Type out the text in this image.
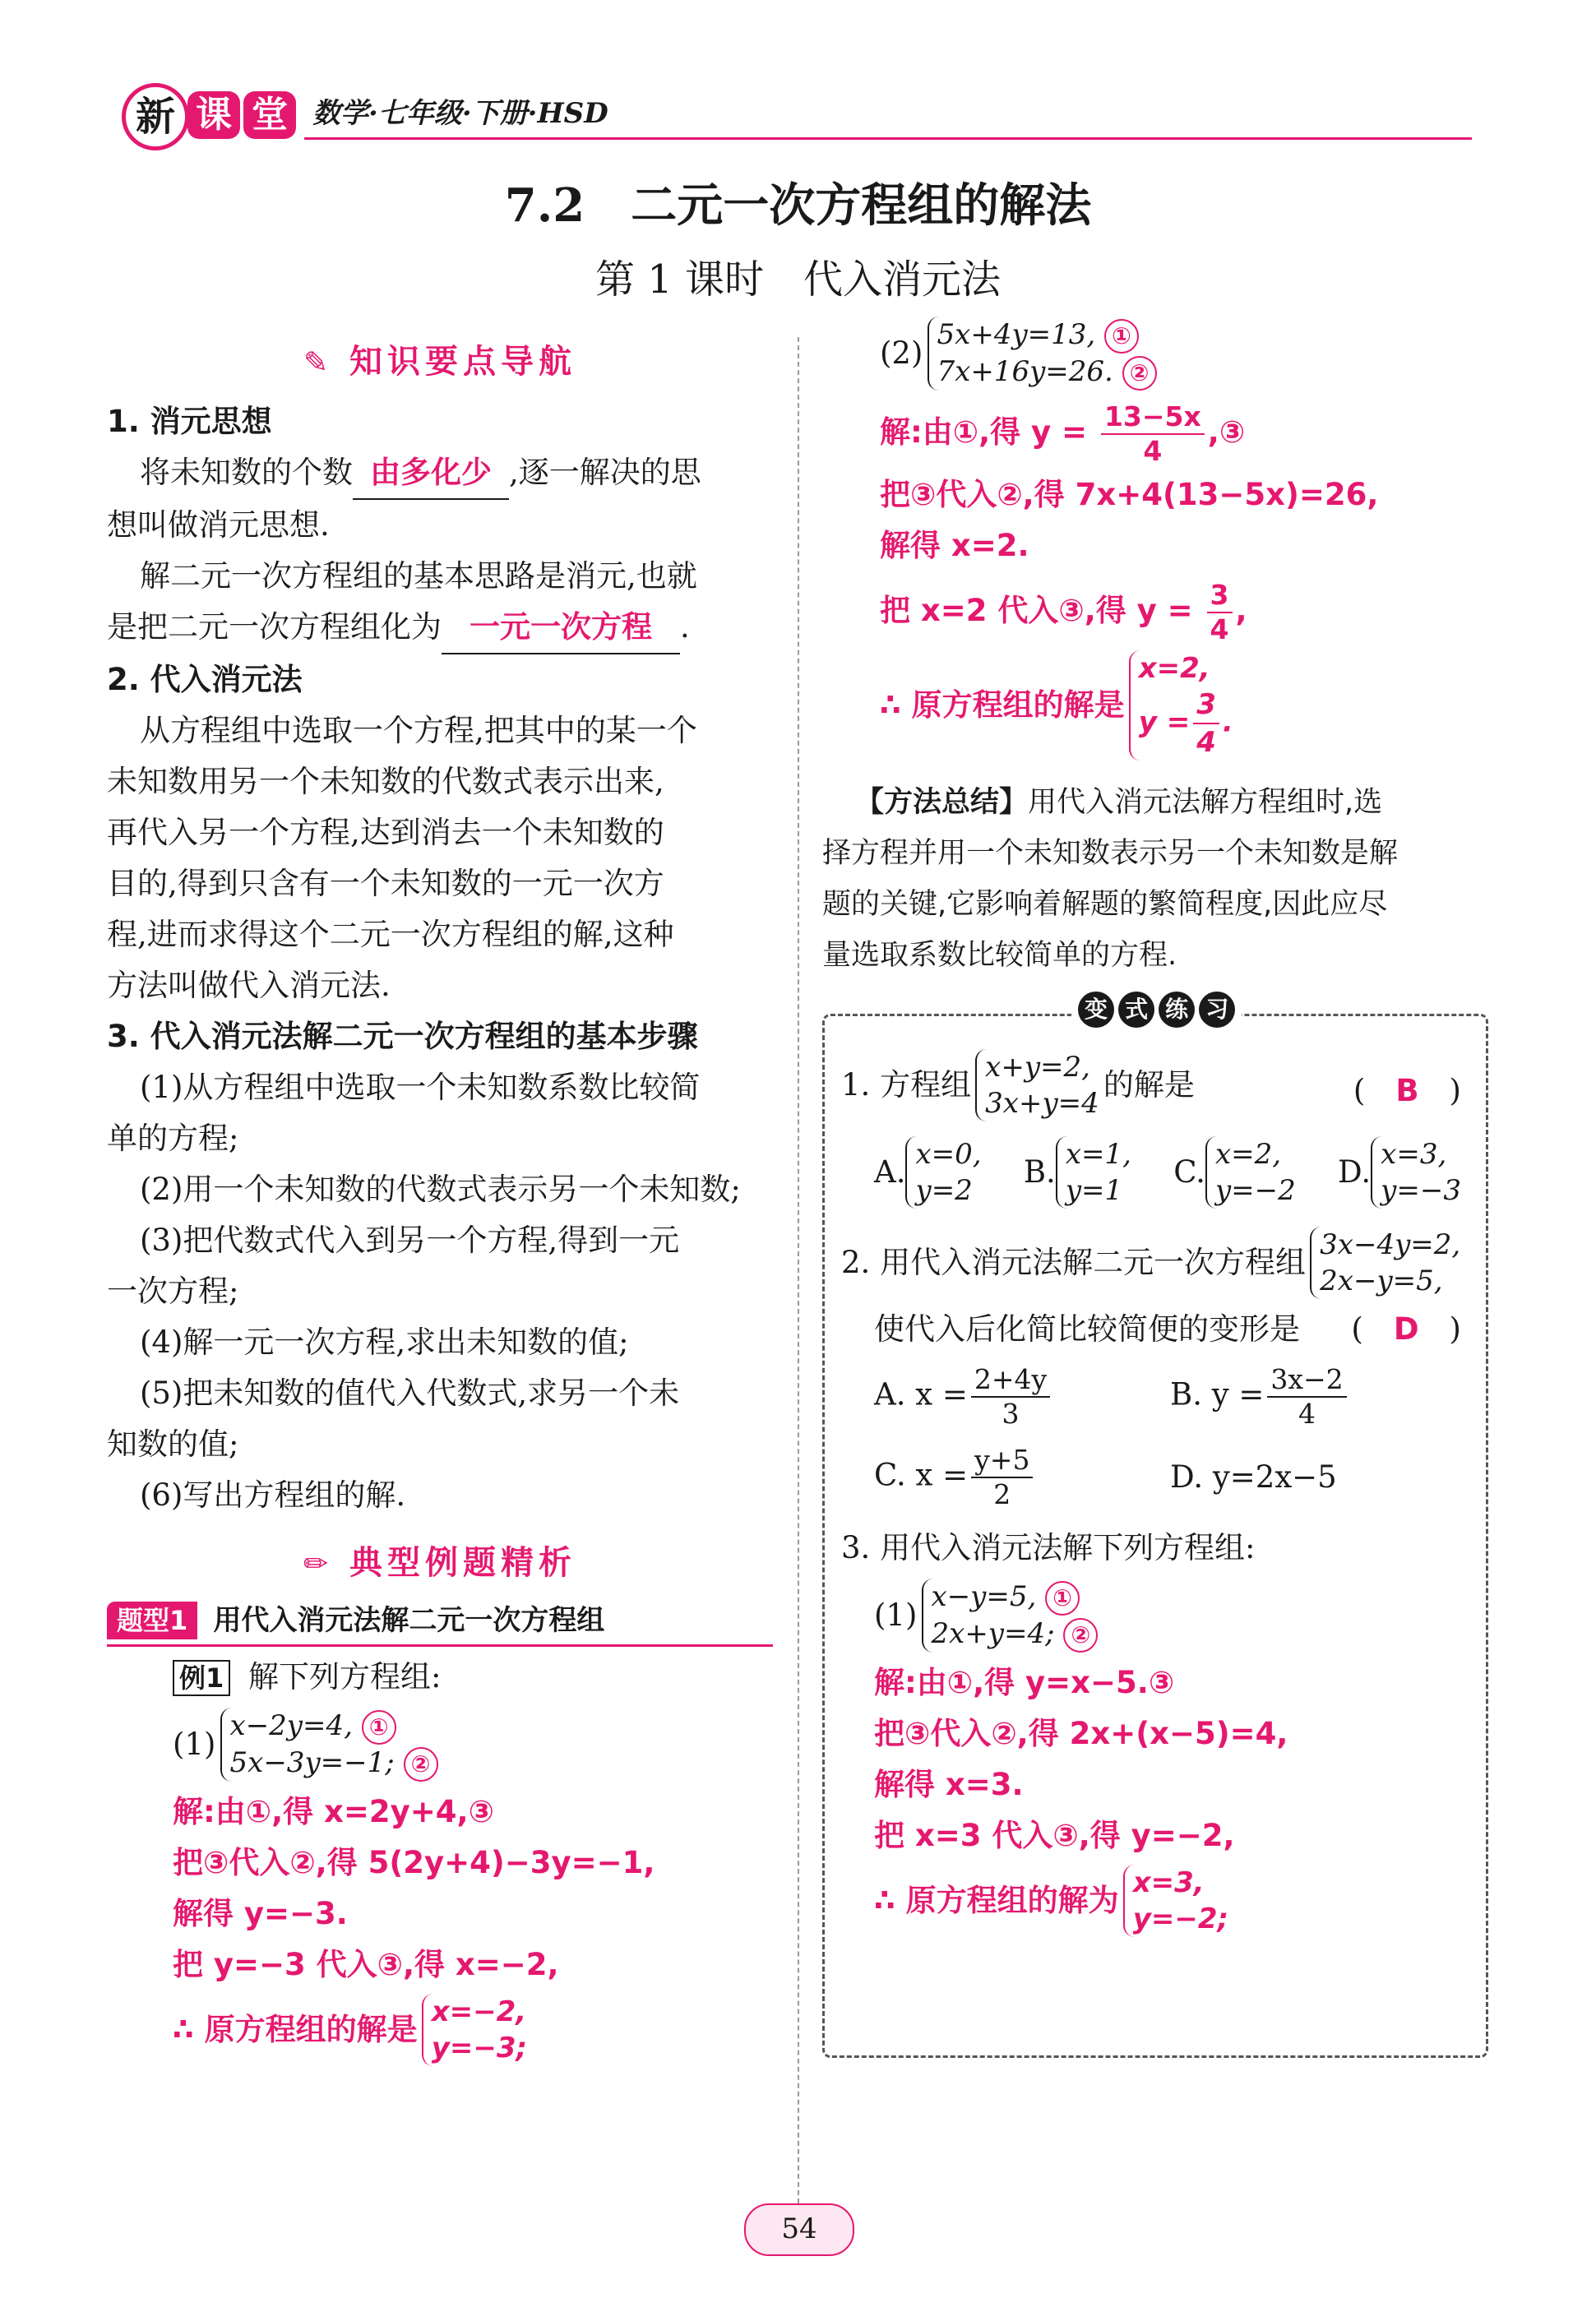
新 课 堂 数学·七年级·下册·HSD
7.2　二元一次方程组的解法
第 1 课时　代入消元法
✎ 知识要点导航
1. 消元思想
将未知数的个数 由多化少 ,逐一解决的思
想叫做消元思想.
解二元一次方程组的基本思路是消元,也就
是把二元一次方程组化为 一元一次方程 .
2. 代入消元法
从方程组中选取一个方程,把其中的某一个
未知数用另一个未知数的代数式表示出来,
再代入另一个方程,达到消去一个未知数的
目的,得到只含有一个未知数的一元一次方
程,进而求得这个二元一次方程组的解,这种
方法叫做代入消元法.
3. 代入消元法解二元一次方程组的基本步骤
(1)从方程组中选取一个未知数系数比较简
单的方程;
(2)用一个未知数的代数式表示另一个未知数;
(3)把代数式代入到另一个方程,得到一元
一次方程;
(4)解一元一次方程,求出未知数的值;
(5)把未知数的值代入代数式,求另一个未
知数的值;
(6)写出方程组的解.
✏ 典型例题精析
题型1 用代入消元法解二元一次方程组
例1 解下列方程组:
(1)
x−2y=4, ①
5x−3y=−1; ②
解:由①,得 x=2y+4,③
把③代入②,得 5(2y+4)−3y=−1,
解得 y=−3.
把 y=−3 代入③,得 x=−2,
∴ 原方程组的解是 x=−2,
y=−3;
(2)
5x+4y=13, ①
7x+16y=26. ②
解:由①,得 $y = \frac{13-5x}{4}$ ,③
把③代入②,得 7x+4(13−5x)=26,
解得 x=2.
把 x=2 代入③,得 $y = \frac{3}{4}$ ,
∴ 原方程组的解是
x=2,
$y = \frac{3}{4}$ .
【方法总结】用代入消元法解方程组时,选
择方程并用一个未知数表示另一个未知数是解
题的关键,它影响着解题的繁简程度,因此应尽
量选取系数比较简单的方程.
变 式 练 习
1. 方程组 x+y=2,
3x+y=4
的解是	(　B　)
A. x=0,
y=2
B. x=1,
y=1
C. x=2,
y=−2
D. x=3,
y=−3
2. 用代入消元法解二元一次方程组 3x−4y=2,
2x−y=5,
使代入后化简比较简便的变形是 (　D　)
A. $x = \frac{2+4y}{3}$	B. $y = \frac{3x-2}{4}$
C. $x = \frac{y+5}{2}$	D. y=2x−5
3. 用代入消元法解下列方程组:
(1)
x−y=5, ①
2x+y=4; ②
解:由①,得 y=x−5.③
把③代入②,得 2x+(x−5)=4,
解得 x=3.
把 x=3 代入③,得 y=−2,
∴ 原方程组的解为 x=3,
y=−2;
54
